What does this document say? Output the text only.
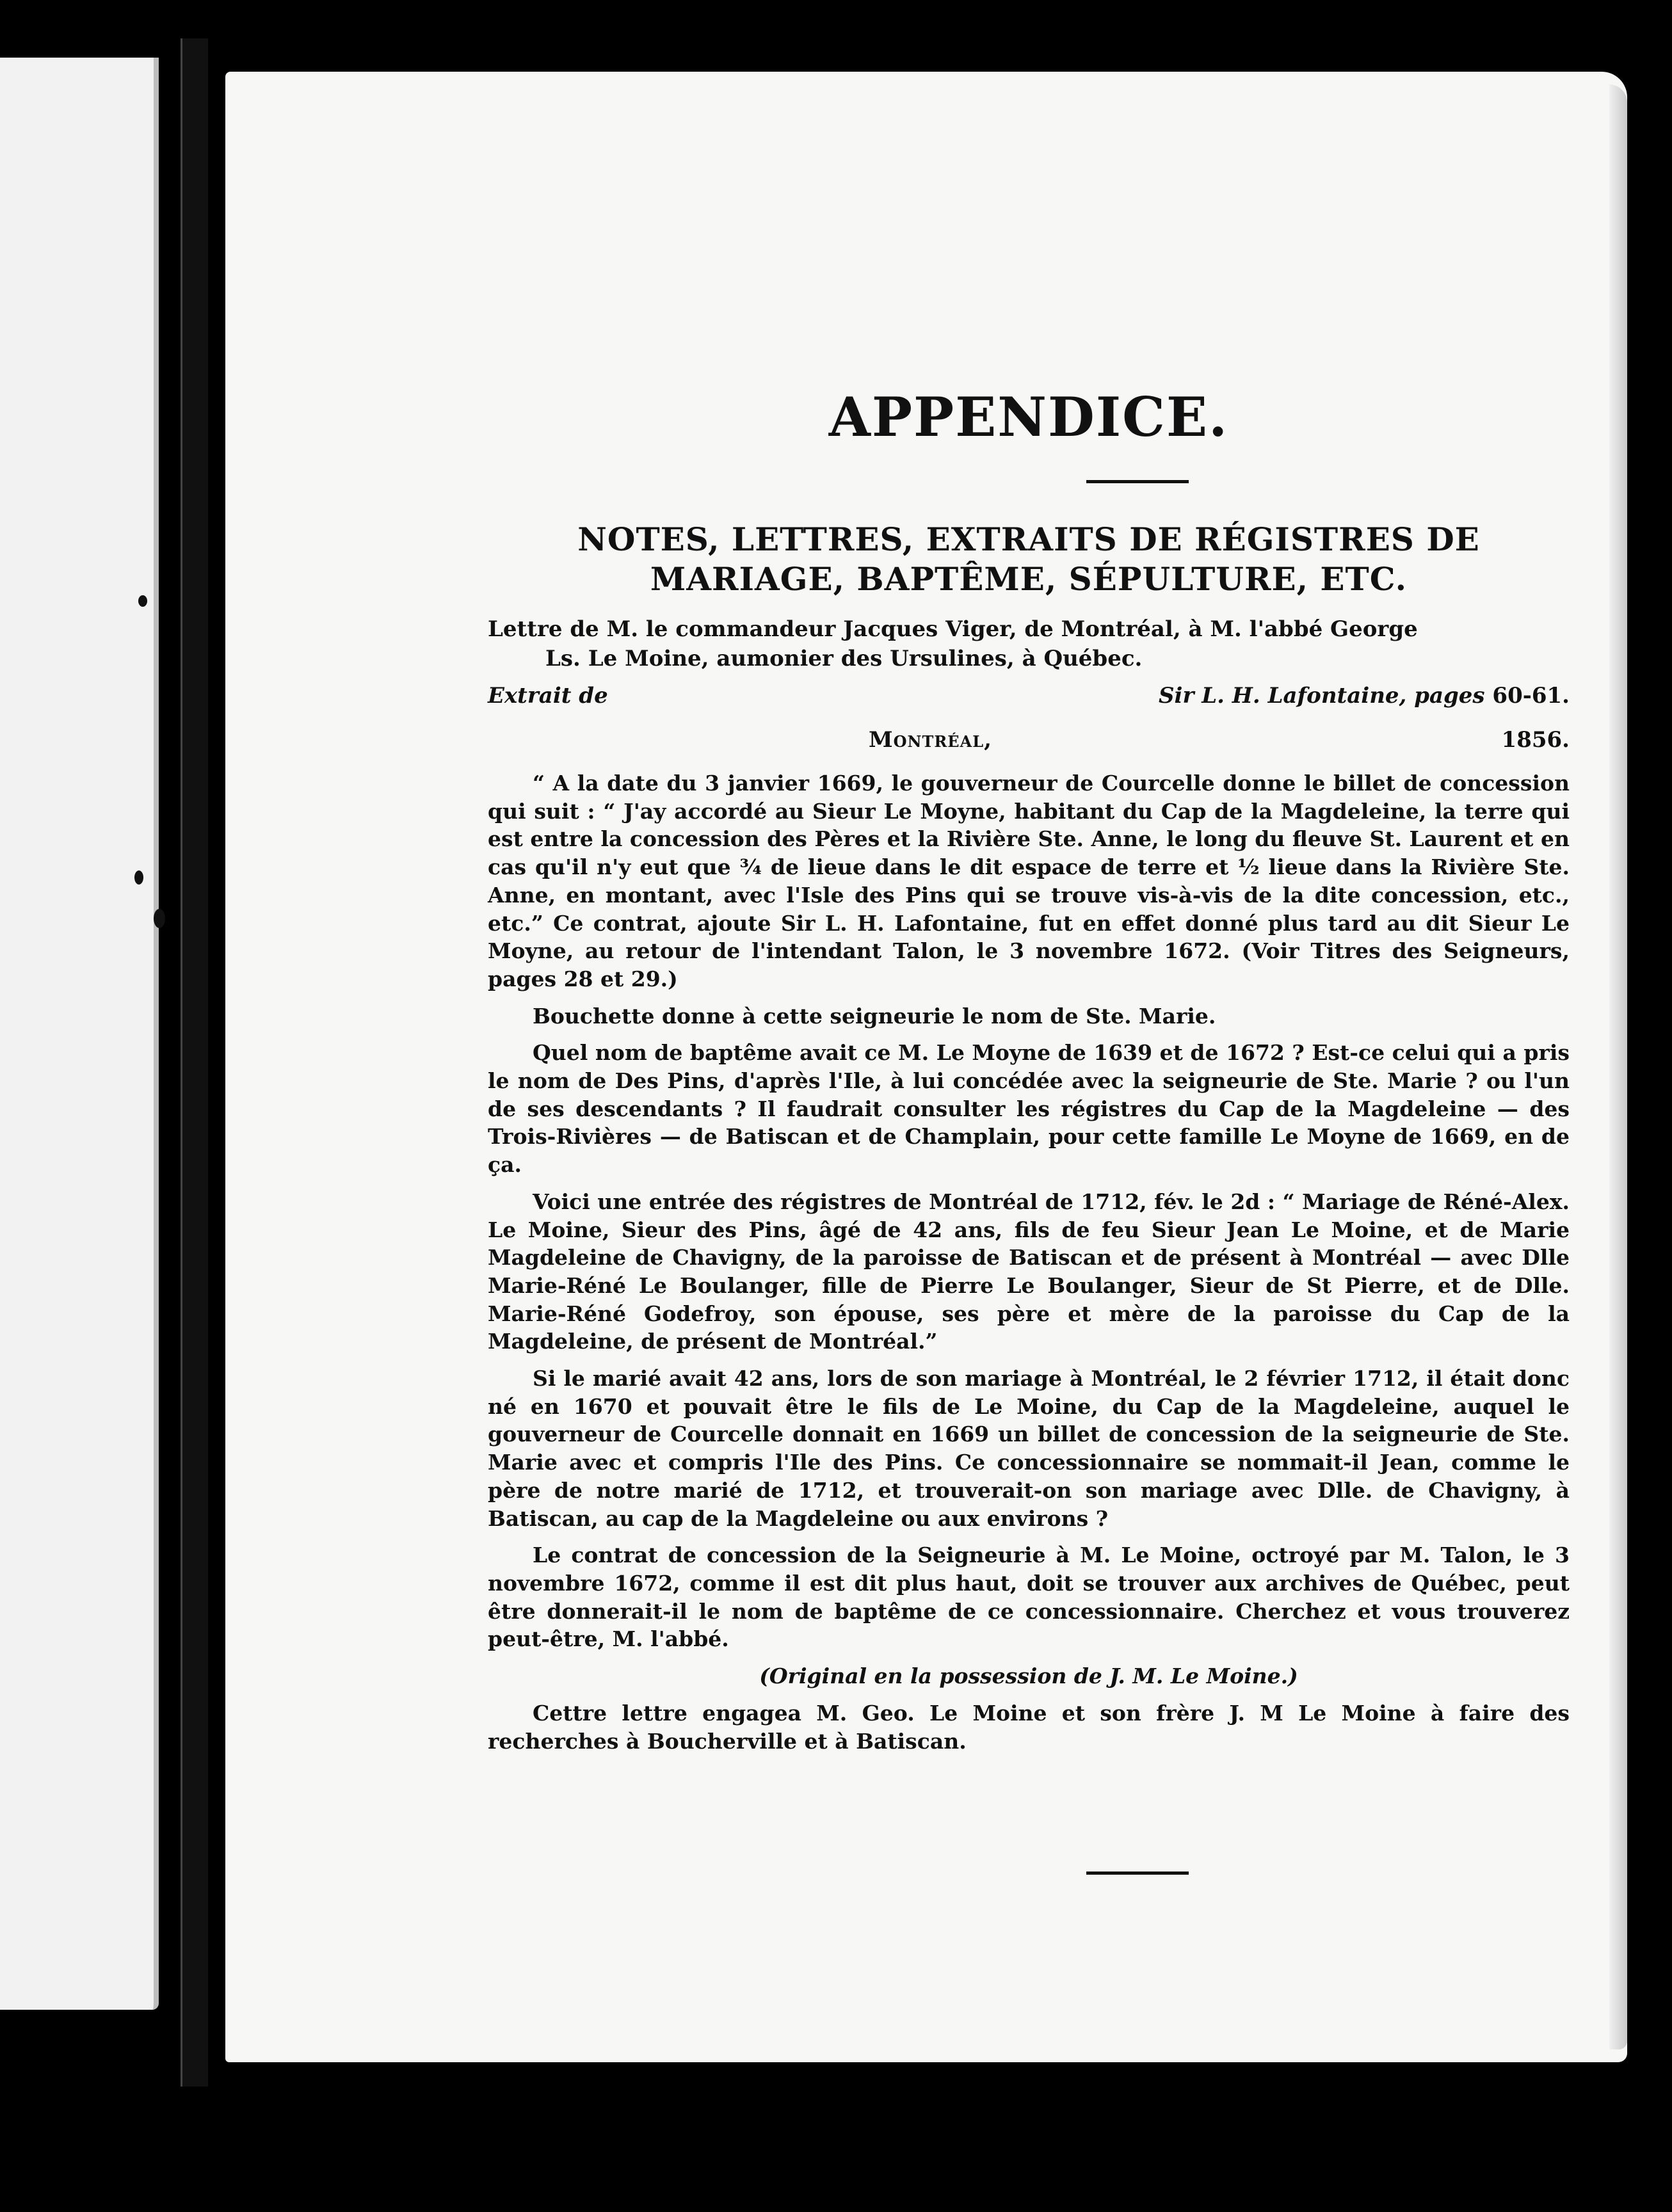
APPENDICE.
NOTES, LETTRES, EXTRAITS DE RÉGISTRES DE
MARIAGE, BAPTÊME, SÉPULTURE, ETC.
Lettre de M. le commandeur Jacques Viger, de Montréal, à M. l'abbé George
Ls. Le Moine, aumonier des Ursulines, à Québec.
Extrait de	Sir L. H. Lafontaine, pages 60-61.
Montréal,	1856.

“ A la date du 3 janvier 1669, le gouverneur de Courcelle donne le billet de concession qui suit : “ J'ay accordé au Sieur Le Moyne, habitant du Cap de la Magdeleine, la terre qui est entre la concession des Pères et la Rivière Ste. Anne, le long du fleuve St. Laurent et en cas qu'il n'y eut que ¾ de lieue dans le dit espace de terre et ½ lieue dans la Rivière Ste. Anne, en montant, avec l'Isle des Pins qui se trouve vis-à-vis de la dite concession, etc., etc.” Ce contrat, ajoute Sir L. H. Lafontaine, fut en effet donné plus tard au dit Sieur Le Moyne, au retour de l'intendant Talon, le 3 novembre 1672. (Voir Titres des Seigneurs, pages 28 et 29.)

Bouchette donne à cette seigneurie le nom de Ste. Marie.

Quel nom de baptême avait ce M. Le Moyne de 1639 et de 1672 ? Est-ce celui qui a pris le nom de Des Pins, d'après l'Ile, à lui concédée avec la seigneurie de Ste. Marie ? ou l'un de ses descendants ? Il faudrait consulter les régistres du Cap de la Magdeleine — des Trois-Rivières — de Batiscan et de Champlain, pour cette famille Le Moyne de 1669, en de ça.

Voici une entrée des régistres de Montréal de 1712, fév. le 2d : “ Mariage de Réné-Alex. Le Moine, Sieur des Pins, âgé de 42 ans, fils de feu Sieur Jean Le Moine, et de Marie Magdeleine de Chavigny, de la paroisse de Batiscan et de présent à Montréal — avec Dlle Marie-Réné Le Boulanger, fille de Pierre Le Boulanger, Sieur de St Pierre, et de Dlle. Marie-Réné Godefroy, son épouse, ses père et mère de la paroisse du Cap de la Magdeleine, de présent de Montréal.”

Si le marié avait 42 ans, lors de son mariage à Montréal, le 2 février 1712, il était donc né en 1670 et pouvait être le fils de Le Moine, du Cap de la Magdeleine, auquel le gouverneur de Courcelle donnait en 1669 un billet de concession de la seigneurie de Ste. Marie avec et compris l'Ile des Pins. Ce concessionnaire se nommait-il Jean, comme le père de notre marié de 1712, et trouverait-on son mariage avec Dlle. de Chavigny, à Batiscan, au cap de la Magdeleine ou aux environs ?

Le contrat de concession de la Seigneurie à M. Le Moine, octroyé par M. Talon, le 3 novembre 1672, comme il est dit plus haut, doit se trouver aux archives de Québec, peut être donnerait-il le nom de baptême de ce concessionnaire. Cherchez et vous trouverez peut-être, M. l'abbé.

(Original en la possession de J. M. Le Moine.)

Cettre lettre engagea M. Geo. Le Moine et son frère J. M Le Moine à faire des recherches à Boucherville et à Batiscan.
